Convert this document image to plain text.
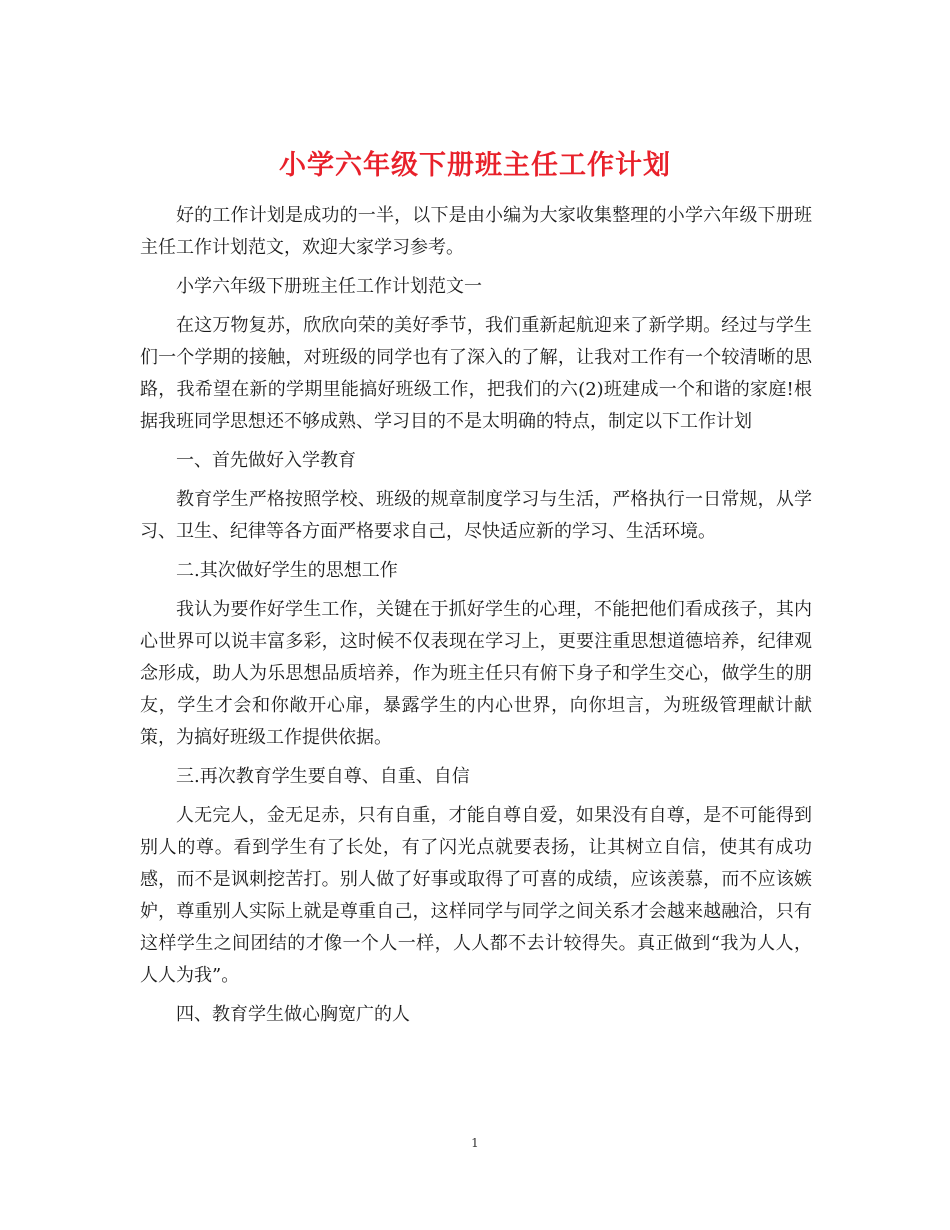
小学六年级下册班主任工作计划

好的工作计划是成功的一半，以下是由小编为大家收集整理的小学六年级下册班主任工作计划范文，欢迎大家学习参考。

小学六年级下册班主任工作计划范文一

在这万物复苏，欣欣向荣的美好季节，我们重新起航迎来了新学期。经过与学生们一个学期的接触，对班级的同学也有了深入的了解，让我对工作有一个较清晰的思路，我希望在新的学期里能搞好班级工作，把我们的六(2)班建成一个和谐的家庭!根据我班同学思想还不够成熟、学习目的不是太明确的特点，制定以下工作计划

一、首先做好入学教育

教育学生严格按照学校、班级的规章制度学习与生活，严格执行一日常规，从学习、卫生、纪律等各方面严格要求自己，尽快适应新的学习、生活环境。

二.其次做好学生的思想工作

我认为要作好学生工作，关键在于抓好学生的心理，不能把他们看成孩子，其内心世界可以说丰富多彩，这时候不仅表现在学习上，更要注重思想道德培养，纪律观念形成，助人为乐思想品质培养，作为班主任只有俯下身子和学生交心，做学生的朋友，学生才会和你敞开心扉，暴露学生的内心世界，向你坦言，为班级管理献计献策，为搞好班级工作提供依据。

三.再次教育学生要自尊、自重、自信

人无完人，金无足赤，只有自重，才能自尊自爱，如果没有自尊，是不可能得到别人的尊。看到学生有了长处，有了闪光点就要表扬，让其树立自信，使其有成功感，而不是讽刺挖苦打。别人做了好事或取得了可喜的成绩，应该羡慕，而不应该嫉妒，尊重别人实际上就是尊重自己，这样同学与同学之间关系才会越来越融洽，只有这样学生之间团结的才像一个人一样，人人都不去计较得失。真正做到“我为人人，人人为我”。

四、教育学生做心胸宽广的人

1
